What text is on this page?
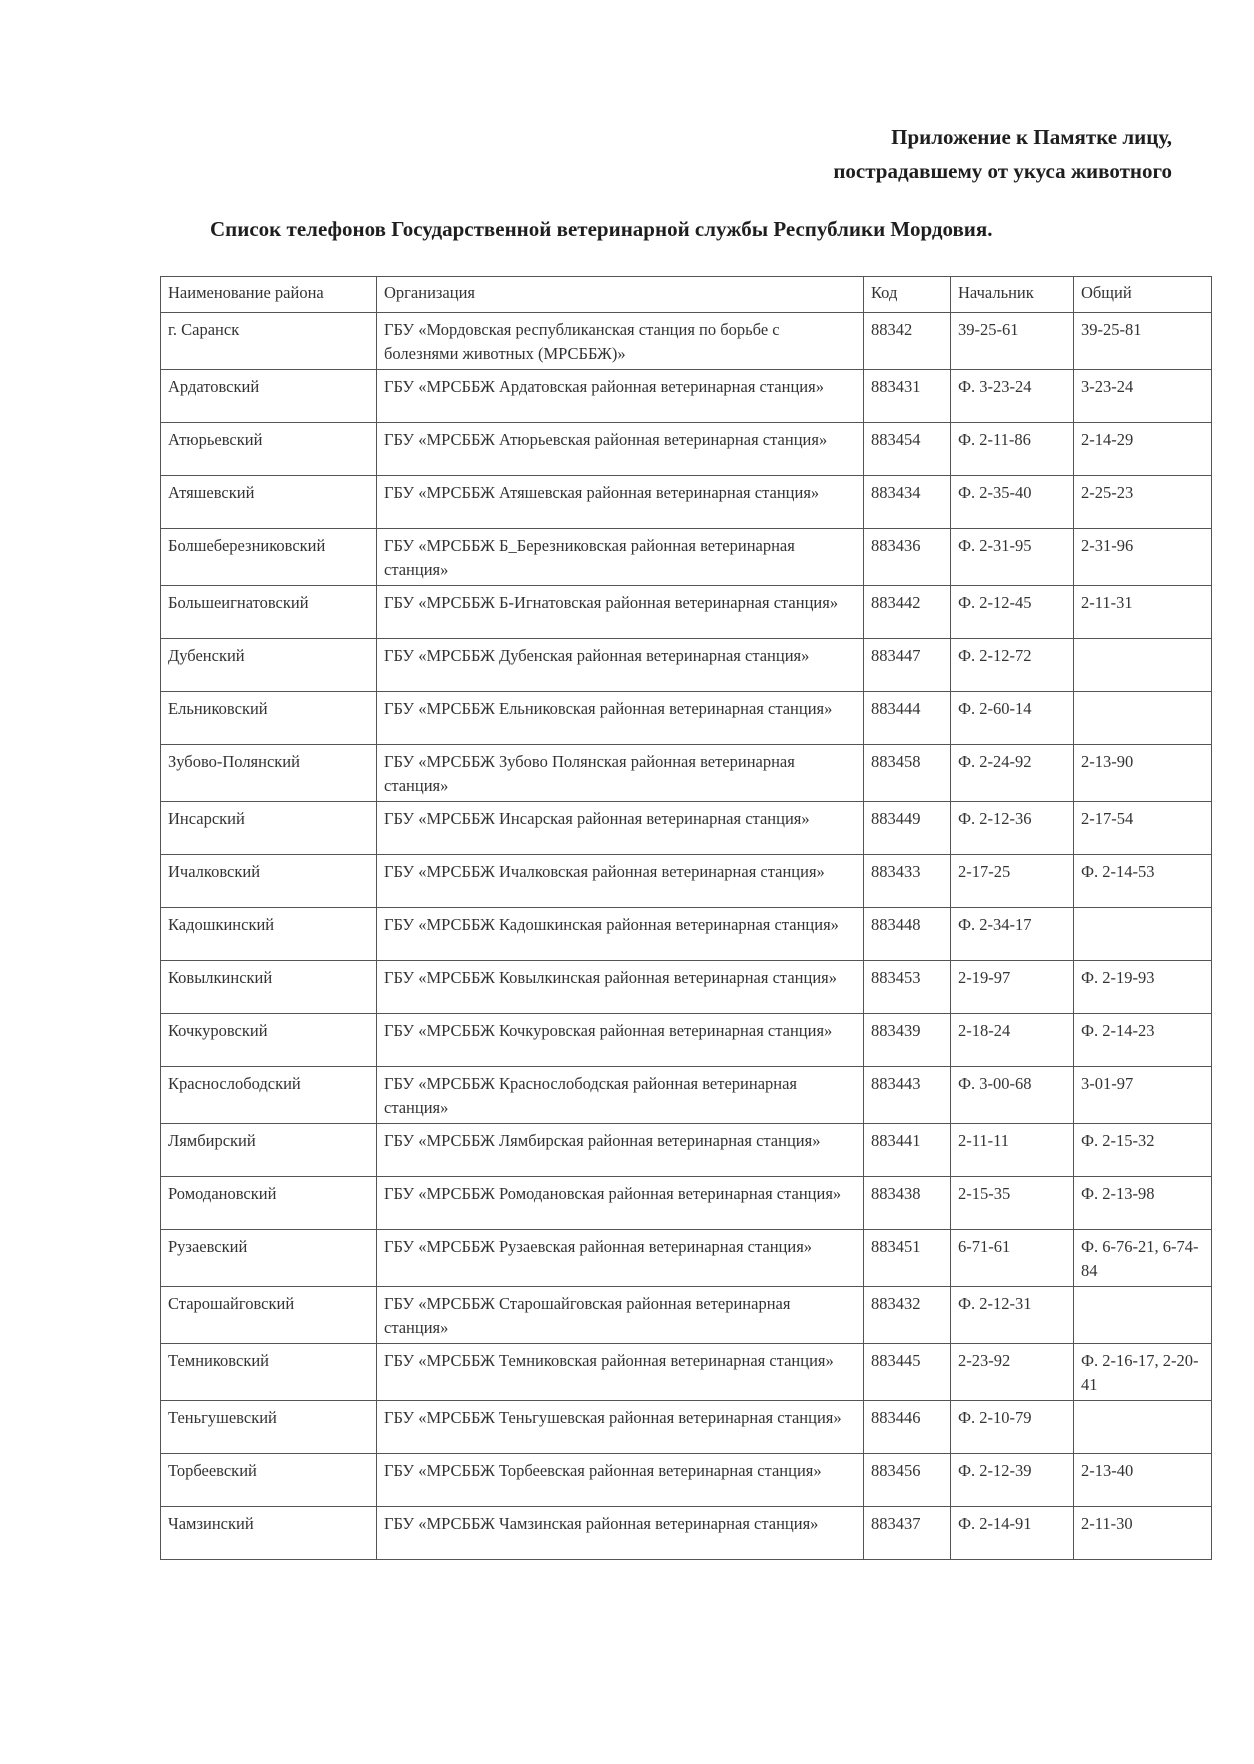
Приложение к Памятке лицу,
пострадавшему от укуса животного
Список телефонов Государственной ветеринарной службы Республики Мордовия.
Наименование района	Организация	Код	Начальник	Общий
г. Саранск	ГБУ «Мордовская республиканская станция по борьбе с болезнями животных (МРСББЖ)»	88342	39-25-61	39-25-81
Ардатовский	ГБУ «МРСББЖ Ардатовская районная ветеринарная станция»	883431	Ф. 3-23-24	3-23-24
Атюрьевский	ГБУ «МРСББЖ Атюрьевская районная ветеринарная станция»	883454	Ф. 2-11-86	2-14-29
Атяшевский	ГБУ «МРСББЖ Атяшевская районная ветеринарная станция»	883434	Ф. 2-35-40	2-25-23
Болшеберезниковский	ГБУ «МРСББЖ Б_Березниковская районная ветеринарная станция»	883436	Ф. 2-31-95	2-31-96
Большеигнатовский	ГБУ «МРСББЖ Б-Игнатовская районная ветеринарная станция»	883442	Ф. 2-12-45	2-11-31
Дубенский	ГБУ «МРСББЖ Дубенская районная ветеринарная станция»	883447	Ф. 2-12-72	
Ельниковский	ГБУ «МРСББЖ Ельниковская районная ветеринарная станция»	883444	Ф. 2-60-14	
Зубово-Полянский	ГБУ «МРСББЖ Зубово Полянская районная ветеринарная станция»	883458	Ф. 2-24-92	2-13-90
Инсарский	ГБУ «МРСББЖ Инсарская районная ветеринарная станция»	883449	Ф. 2-12-36	2-17-54
Ичалковский	ГБУ «МРСББЖ Ичалковская районная ветеринарная станция»	883433	2-17-25	Ф. 2-14-53
Кадошкинский	ГБУ «МРСББЖ Кадошкинская районная ветеринарная станция»	883448	Ф. 2-34-17	
Ковылкинский	ГБУ «МРСББЖ Ковылкинская районная ветеринарная станция»	883453	2-19-97	Ф. 2-19-93
Кочкуровский	ГБУ «МРСББЖ Кочкуровская районная ветеринарная станция»	883439	2-18-24	Ф. 2-14-23
Краснослободский	ГБУ «МРСББЖ Краснослободская районная ветеринарная станция»	883443	Ф. 3-00-68	3-01-97
Лямбирский	ГБУ «МРСББЖ Лямбирская районная ветеринарная станция»	883441	2-11-11	Ф. 2-15-32
Ромодановский	ГБУ «МРСББЖ Ромодановская районная ветеринарная станция»	883438	2-15-35	Ф. 2-13-98
Рузаевский	ГБУ «МРСББЖ Рузаевская районная ветеринарная станция»	883451	6-71-61	Ф. 6-76-21, 6-74-84
Старошайговский	ГБУ «МРСББЖ Старошайговская районная ветеринарная станция»	883432	Ф. 2-12-31	
Темниковский	ГБУ «МРСББЖ Темниковская районная ветеринарная станция»	883445	2-23-92	Ф. 2-16-17, 2-20-41
Теньгушевский	ГБУ «МРСББЖ Теньгушевская районная ветеринарная станция»	883446	Ф. 2-10-79	
Торбеевский	ГБУ «МРСББЖ Торбеевская районная ветеринарная станция»	883456	Ф. 2-12-39	2-13-40
Чамзинский	ГБУ «МРСББЖ Чамзинская районная ветеринарная станция»	883437	Ф. 2-14-91	2-11-30
